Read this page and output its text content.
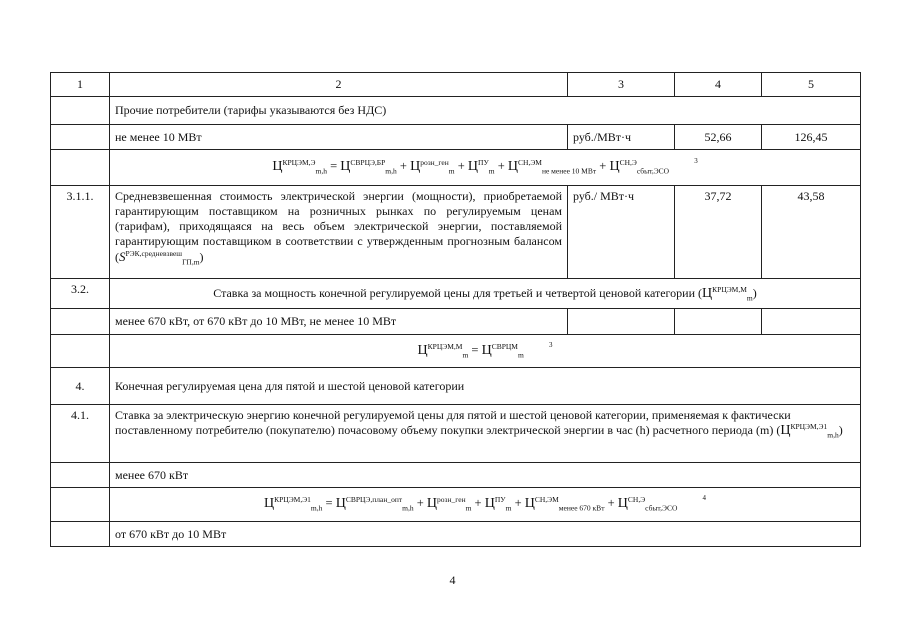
1	2	3	4	5
	Прочие потребители (тарифы указываются без НДС)			
	не менее 10 МВт	руб./МВт·ч	52,66	126,45
	$Ц^{КРЦЭМ,Э}_{m,h} = Ц^{СВРЦЭ,БР}_{m,h} + Ц^{розн\_ген}_m + Ц^{ПУ}_m + Ц^{СН,ЭМ}_{не менее 10 МВт} + Ц^{СН,Э}_{сбыт,ЭСО}$ 3			
3.1.1.	Средневзвешенная стоимость электрической энергии (мощности), приобретаемой гарантирующим поставщиком на розничных рынках по регулируемым ценам (тарифам), приходящаяся на весь объем электрической энергии, поставляемой гарантирующим поставщиком в соответствии с утвержденным прогнозным балансом $(S^{РЭК,средневзвеш}_{ГП,m})$	руб./ МВт·ч	37,72	43,58
3.2.	Ставка за мощность конечной регулируемой цены для третьей и четвертой ценовой категории $(Ц^{КРЦЭМ,М}_m)$			
	менее 670 кВт, от 670 кВт до 10 МВт, не менее 10 МВт			
	$Ц^{КРЦЭМ,М}_m = Ц^{СВРЦМ}_m$ 3			
4.	Конечная регулируемая цена для пятой и шестой ценовой категории			
4.1.	Ставка за электрическую энергию конечной регулируемой цены для пятой и шестой ценовой категории, применяемая к фактически поставленному потребителю (покупателю) почасовому объему покупки электрической энергии в час (h) расчетного периода (m) $(Ц^{КРЦЭМ,Э1}_{m,h})$			
	менее 670 кВт			
	$Ц^{КРЦЭМ,Э1}_{m,h} = Ц^{СВРЦЭ,план\_опт}_{m,h} + Ц^{розн\_ген}_m + Ц^{ПУ}_m + Ц^{СН,ЭМ}_{менее 670 кВт} + Ц^{СН,Э}_{сбыт,ЭСО}$ 4			
	от 670 кВт до 10 МВт			
4
